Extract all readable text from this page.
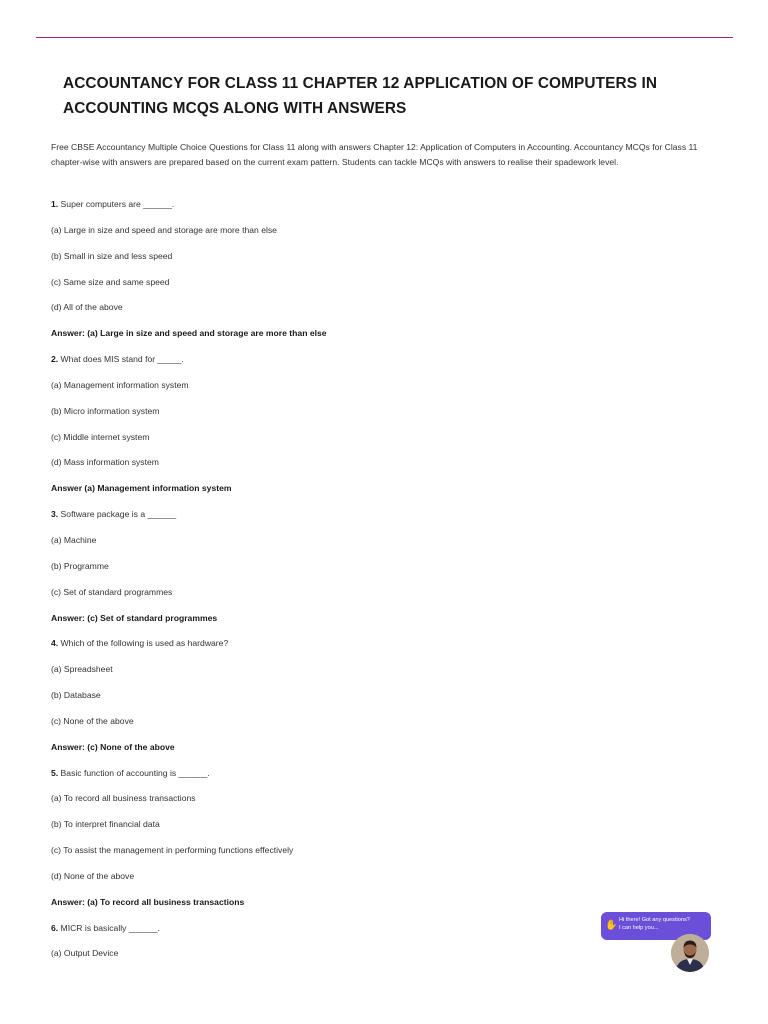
ACCOUNTANCY FOR CLASS 11 CHAPTER 12 APPLICATION OF COMPUTERS IN ACCOUNTING MCQS ALONG WITH ANSWERS

Free CBSE Accountancy Multiple Choice Questions for Class 11 along with answers Chapter 12: Application of Computers in Accounting. Accountancy MCQs for Class 11 chapter-wise with answers are prepared based on the current exam pattern. Students can tackle MCQs with answers to realise their spadework level.

1. Super computers are ______.
(a) Large in size and speed and storage are more than else
(b) Small in size and less speed
(c) Same size and same speed
(d) All of the above
Answer: (a) Large in size and speed and storage are more than else
2. What does MIS stand for _____.
(a) Management information system
(b) Micro information system
(c) Middle internet system
(d) Mass information system
Answer (a) Management information system
3. Software package is a ______
(a) Machine
(b) Programme
(c) Set of standard programmes
Answer: (c) Set of standard programmes
4. Which of the following is used as hardware?
(a) Spreadsheet
(b) Database
(c) None of the above
Answer: (c) None of the above
5. Basic function of accounting is ______.
(a) To record all business transactions
(b) To interpret financial data
(c) To assist the management in performing functions effectively
(d) None of the above
Answer: (a) To record all business transactions
6. MICR is basically ______.
(a) Output Device
✋ Hi there! Got any questions?
I can help you...
